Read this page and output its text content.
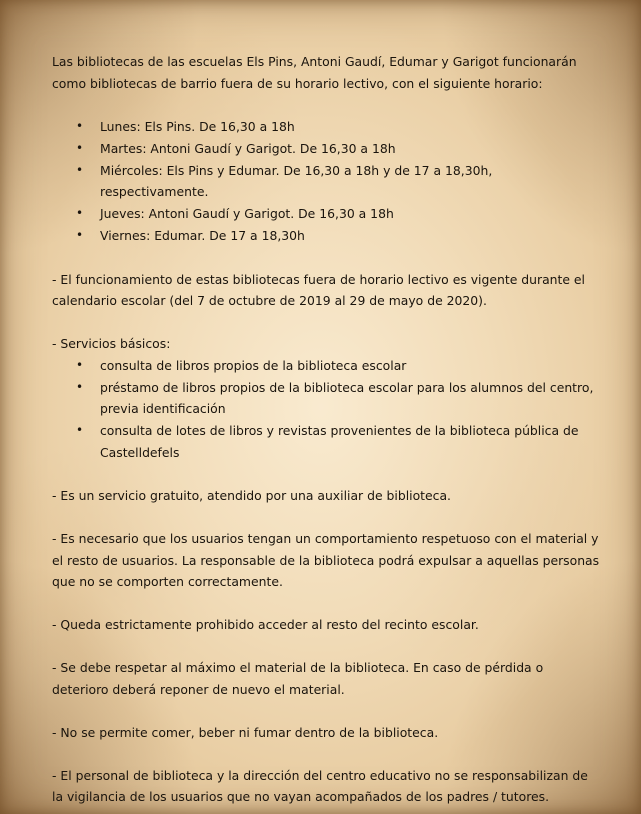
Las bibliotecas de las escuelas Els Pins, Antoni Gaudí, Edumar y Garigot funcionarán como bibliotecas de barrio fuera de su horario lectivo, con el siguiente horario:

• Lunes: Els Pins. De 16,30 a 18h
• Martes: Antoni Gaudí y Garigot. De 16,30 a 18h
• Miércoles: Els Pins y Edumar. De 16,30 a 18h y de 17 a 18,30h, respectivamente.
• Jueves: Antoni Gaudí y Garigot. De 16,30 a 18h
• Viernes: Edumar. De 17 a 18,30h

- El funcionamiento de estas bibliotecas fuera de horario lectivo es vigente durante el calendario escolar (del 7 de octubre de 2019 al 29 de mayo de 2020).

- Servicios básicos:

• consulta de libros propios de la biblioteca escolar
• préstamo de libros propios de la biblioteca escolar para los alumnos del centro, previa identificación
• consulta de lotes de libros y revistas provenientes de la biblioteca pública de Castelldefels

- Es un servicio gratuito, atendido por una auxiliar de biblioteca.

- Es necesario que los usuarios tengan un comportamiento respetuoso con el material y el resto de usuarios. La responsable de la biblioteca podrá expulsar a aquellas personas que no se comporten correctamente.

- Queda estrictamente prohibido acceder al resto del recinto escolar.

- Se debe respetar al máximo el material de la biblioteca. En caso de pérdida o deterioro deberá reponer de nuevo el material.

- No se permite comer, beber ni fumar dentro de la biblioteca.

- El personal de biblioteca y la dirección del centro educativo no se responsabilizan de la vigilancia de los usuarios que no vayan acompañados de los padres / tutores.
